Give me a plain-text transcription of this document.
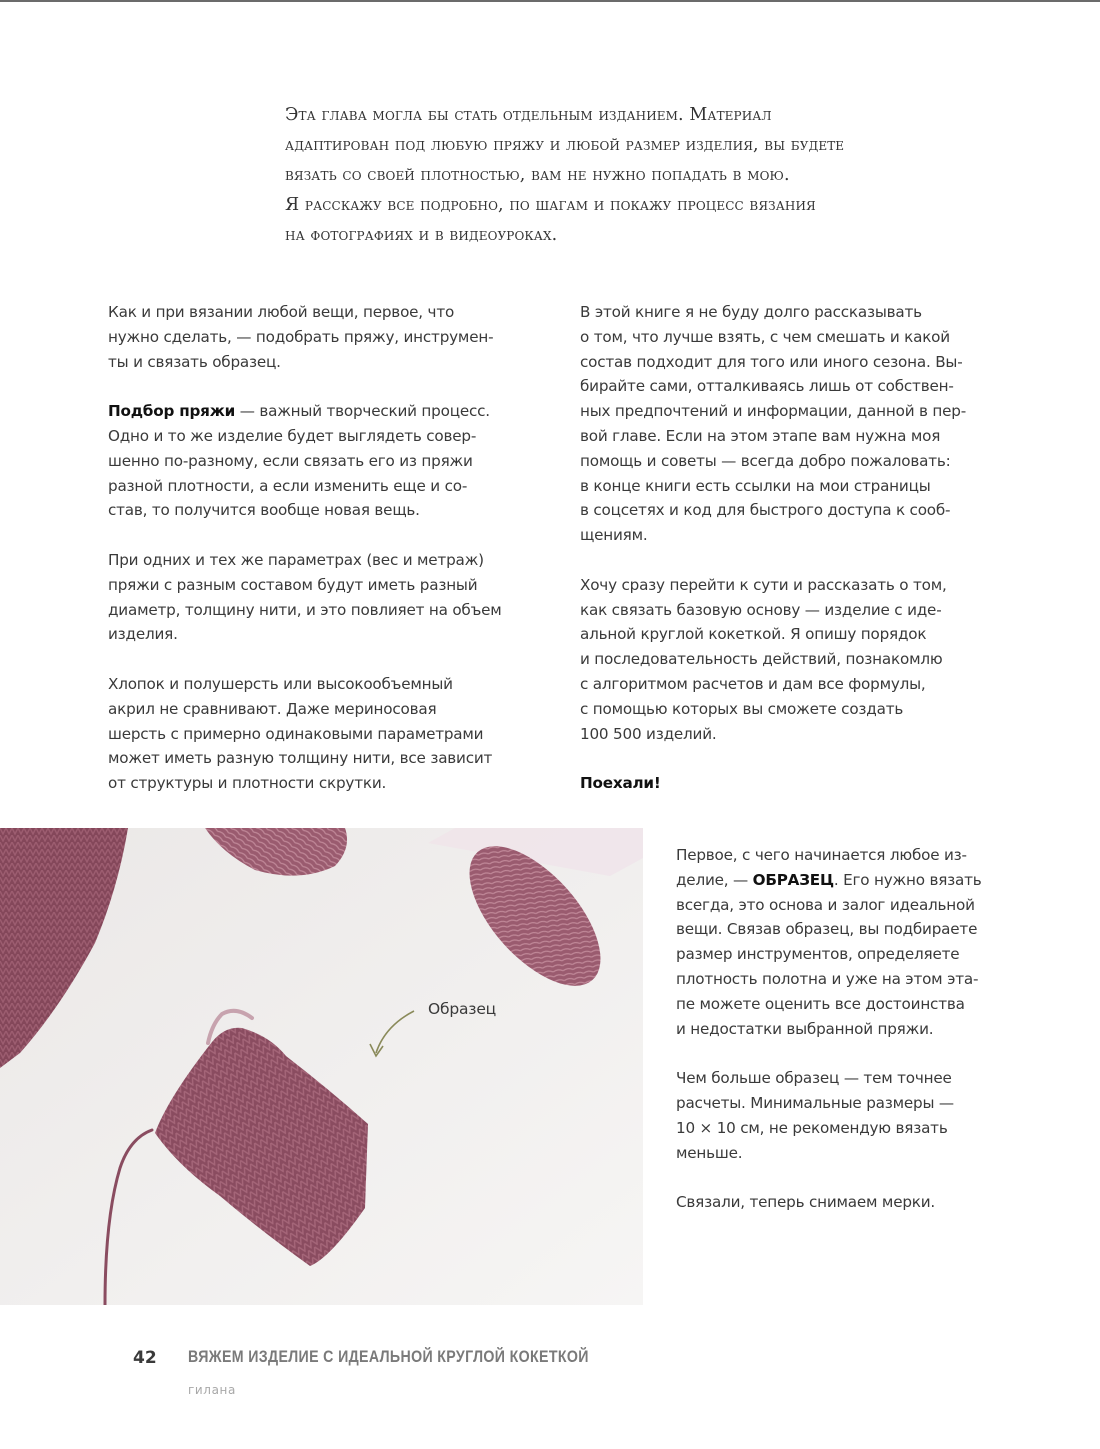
Эта глава могла бы стать отдельным изданием. Материал
адаптирован под любую пряжу и любой размер изделия, вы будете
вязать со своей плотностью, вам не нужно попадать в мою.
Я расскажу все подробно, по шагам и покажу процесс вязания
на фотографиях и в видеоуроках.
Как и при вязании любой вещи, первое, что
нужно сделать, — подобрать пряжу, инструмен-
ты и связать образец.
Подбор пряжи — важный творческий процесс.
Одно и то же изделие будет выглядеть совер-
шенно по-разному, если связать его из пряжи
разной плотности, а если изменить еще и со-
став, то получится вообще новая вещь.
При одних и тех же параметрах (вес и метраж)
пряжи с разным составом будут иметь разный
диаметр, толщину нити, и это повлияет на объем
изделия.
Хлопок и полушерсть или высокообъемный
акрил не сравнивают. Даже мериносовая
шерсть с примерно одинаковыми параметрами
может иметь разную толщину нити, все зависит
от структуры и плотности скрутки.
В этой книге я не буду долго рассказывать
о том, что лучше взять, с чем смешать и какой
состав подходит для того или иного сезона. Вы-
бирайте сами, отталкиваясь лишь от собствен-
ных предпочтений и информации, данной в пер-
вой главе. Если на этом этапе вам нужна моя
помощь и советы — всегда добро пожаловать:
в конце книги есть ссылки на мои страницы
в соцсетях и код для быстрого доступа к сооб-
щениям.
Хочу сразу перейти к сути и рассказать о том,
как связать базовую основу — изделие с иде-
альной круглой кокеткой. Я опишу порядок
и последовательность действий, познакомлю
с алгоритмом расчетов и дам все формулы,
с помощью которых вы сможете создать
100 500 изделий.
Поехали!
Образец
Первое, с чего начинается любое из-
делие, — ОБРАЗЕЦ. Его нужно вязать
всегда, это основа и залог идеальной
вещи. Связав образец, вы подбираете
размер инструментов, определяете
плотность полотна и уже на этом эта-
пе можете оценить все достоинства
и недостатки выбранной пряжи.
Чем больше образец — тем точнее
расчеты. Минимальные размеры —
10 × 10 см, не рекомендую вязать
меньше.
Связали, теперь снимаем мерки.
42 ВЯЖЕМ ИЗДЕЛИЕ С ИДЕАЛЬНОЙ КРУГЛОЙ КОКЕТКОЙ
гилана
